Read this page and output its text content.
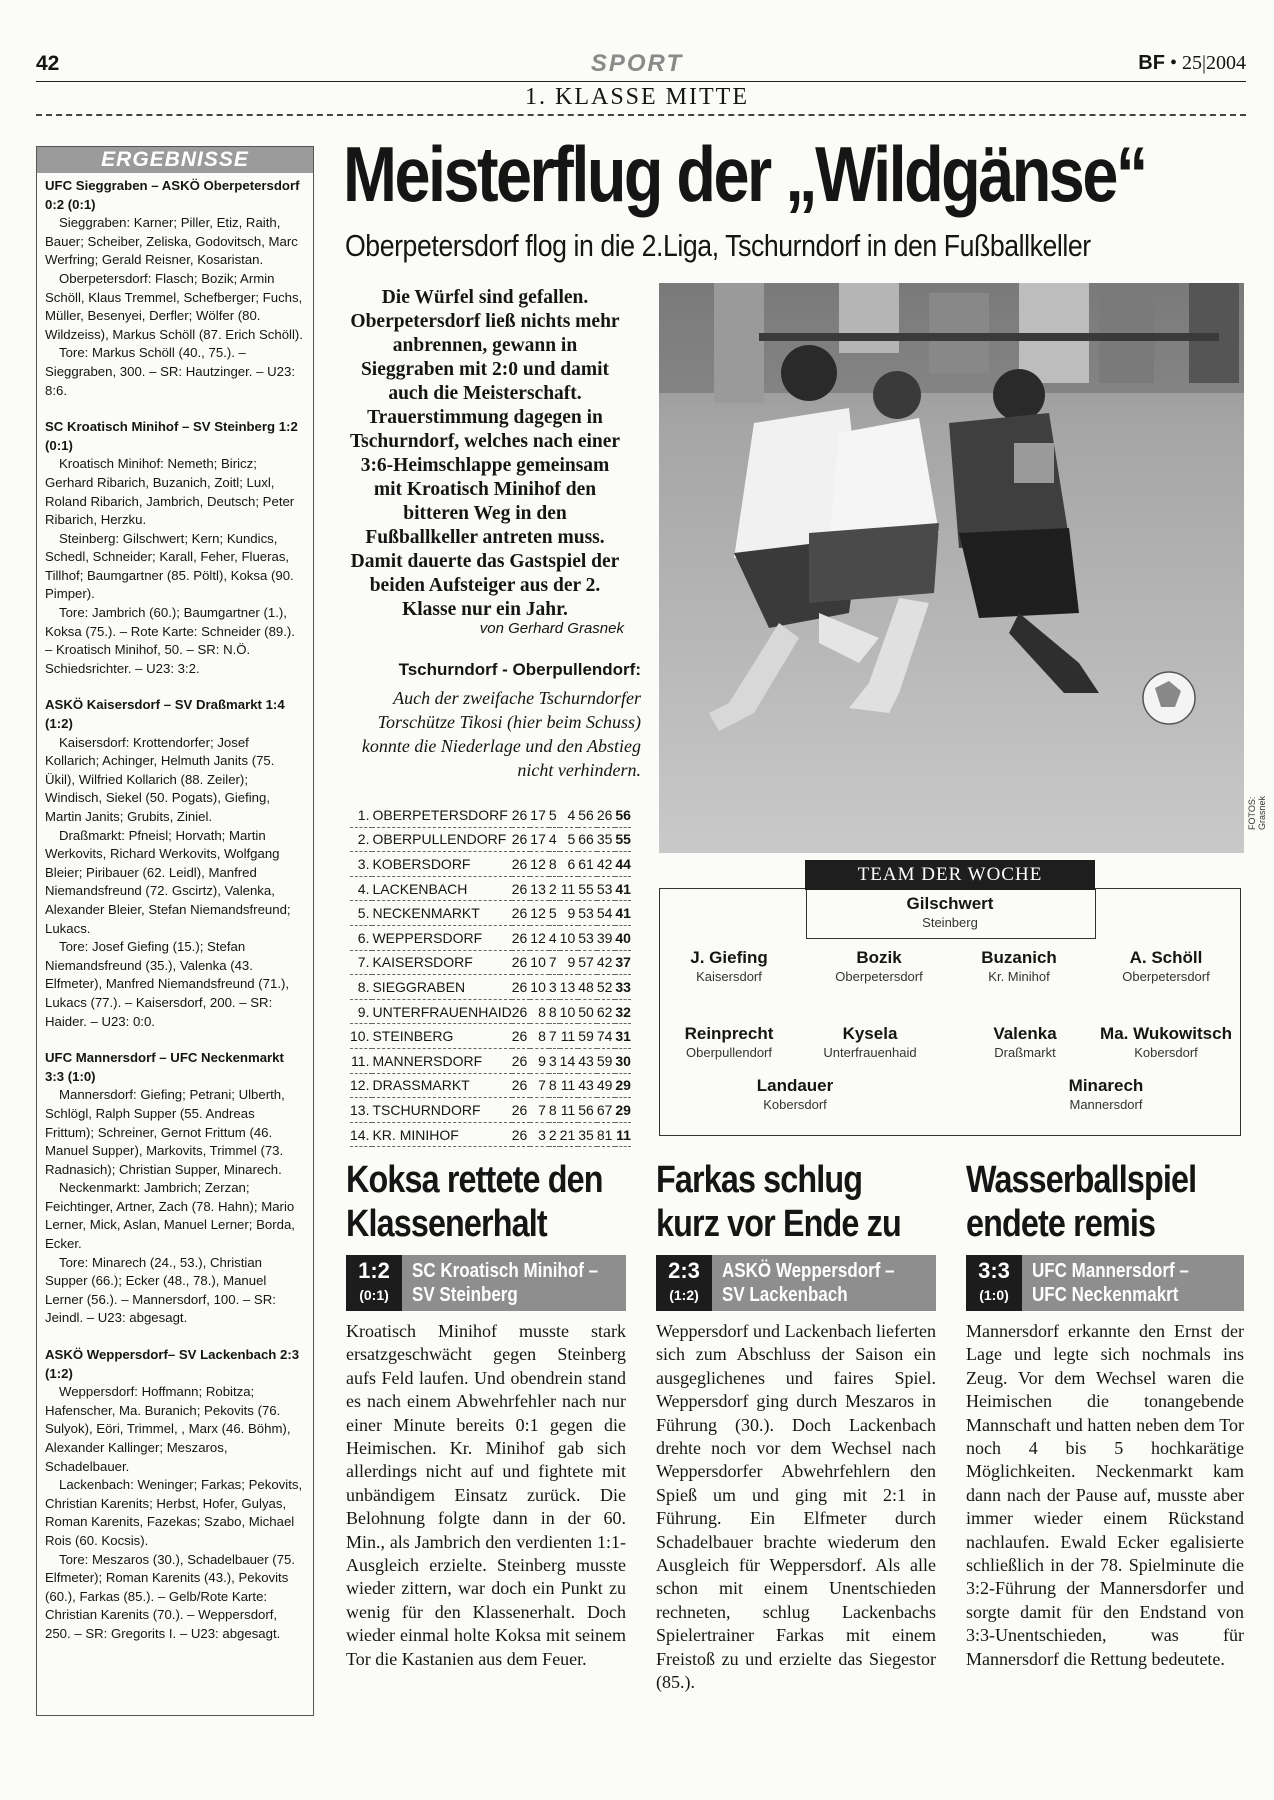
42	SPORT	BF • 25|2004
1. KLASSE MITTE
ERGEBNISSE
UFC Sieggraben – ASKÖ Oberpetersdorf 0:2 (0:1)

Sieggraben: Karner; Piller, Etiz, Raith, Bauer; Scheiber, Zeliska, Godovitsch, Marc Werfring; Gerald Reisner, Kosaristan.

Oberpetersdorf: Flasch; Bozik; Armin Schöll, Klaus Tremmel, Schefberger; Fuchs, Müller, Besenyei, Derfler; Wölfer (80. Wildzeiss), Markus Schöll (87. Erich Schöll).

Tore: Markus Schöll (40., 75.). – Sieggraben, 300. – SR: Hautzinger. – U23: 8:6.

SC Kroatisch Minihof – SV Steinberg 1:2 (0:1)

Kroatisch Minihof: Nemeth; Biricz; Gerhard Ribarich, Buzanich, Zoitl; Luxl, Roland Ribarich, Jambrich, Deutsch; Peter Ribarich, Herzku.

Steinberg: Gilschwert; Kern; Kundics, Schedl, Schneider; Karall, Feher, Flueras, Tillhof; Baumgartner (85. Pöltl), Koksa (90. Pimper).

Tore: Jambrich (60.); Baumgartner (1.), Koksa (75.). – Rote Karte: Schneider (89.). – Kroatisch Minihof, 50. – SR: N.Ö. Schiedsrichter. – U23: 3:2.

ASKÖ Kaisersdorf – SV Draßmarkt 1:4 (1:2)

Kaisersdorf: Krottendorfer; Josef Kollarich; Achinger, Helmuth Janits (75. Ükil), Wilfried Kollarich (88. Zeiler); Windisch, Siekel (50. Pogats), Giefing, Martin Janits; Grubits, Ziniel.

Draßmarkt: Pfneisl; Horvath; Martin Werkovits, Richard Werkovits, Wolfgang Bleier; Piribauer (62. Leidl), Manfred Niemandsfreund (72. Gscirtz), Valenka, Alexander Bleier, Stefan Niemandsfreund; Lukacs.

Tore: Josef Giefing (15.); Stefan Niemandsfreund (35.), Valenka (43. Elfmeter), Manfred Niemandsfreund (71.), Lukacs (77.). – Kaisersdorf, 200. – SR: Haider. – U23: 0:0.

UFC Mannersdorf – UFC Neckenmarkt 3:3 (1:0)

Mannersdorf: Giefing; Petrani; Ulberth, Schlögl, Ralph Supper (55. Andreas Frittum); Schreiner, Gernot Frittum (46. Manuel Supper), Markovits, Trimmel (73. Radnasich); Christian Supper, Minarech.

Neckenmarkt: Jambrich; Zerzan; Feichtinger, Artner, Zach (78. Hahn); Mario Lerner, Mick, Aslan, Manuel Lerner; Borda, Ecker.

Tore: Minarech (24., 53.), Christian Supper (66.); Ecker (48., 78.), Manuel Lerner (56.). – Mannersdorf, 100. – SR: Jeindl. – U23: abgesagt.

ASKÖ Weppersdorf– SV Lackenbach 2:3 (1:2)

Weppersdorf: Hoffmann; Robitza; Hafenscher, Ma. Buranich; Pekovits (76. Sulyok), Eöri, Trimmel, , Marx (46. Böhm), Alexander Kallinger; Meszaros, Schadelbauer.

Lackenbach: Weninger; Farkas; Pekovits, Christian Karenits; Herbst, Hofer, Gulyas, Roman Karenits, Fazekas; Szabo, Michael Rois (60. Kocsis).

Tore: Meszaros (30.), Schadelbauer (75. Elfmeter); Roman Karenits (43.), Pekovits (60.), Farkas (85.). – Gelb/Rote Karte: Christian Karenits (70.). – Weppersdorf, 250. – SR: Gregorits I. – U23: abgesagt.

Meisterflug der „Wildgänse“
Oberpetersdorf flog in die 2.Liga, Tschurndorf in den Fußballkeller
Die Würfel sind gefallen. Oberpetersdorf ließ nichts mehr anbrennen, gewann in Sieggraben mit 2:0 und damit auch die Meisterschaft. Trauerstimmung dagegen in Tschurndorf, welches nach einer 3:6-Heimschlappe gemeinsam mit Kroatisch Minihof den bitteren Weg in den Fußballkeller antreten muss. Damit dauerte das Gastspiel der beiden Aufsteiger aus der 2. Klasse nur ein Jahr.
von Gerhard Grasnek
Tschurndorf - Oberpullendorf:
Auch der zweifache Tschurndorfer Torschütze Tikosi (hier beim Schuss) konnte die Niederlage und den Abstieg nicht verhindern.
FOTOS: Grasnek
1.	OBERPETERSDORF	26	17	5	4	56	26	56
2.	OBERPULLENDORF	26	17	4	5	66	35	55
3.	KOBERSDORF	26	12	8	6	61	42	44
4.	LACKENBACH	26	13	2	11	55	53	41
5.	NECKENMARKT	26	12	5	9	53	54	41
6.	WEPPERSDORF	26	12	4	10	53	39	40
7.	KAISERSDORF	26	10	7	9	57	42	37
8.	SIEGGRABEN	26	10	3	13	48	52	33
9.	UNTERFRAUENHAID	26	8	8	10	50	62	32
10.	STEINBERG	26	8	7	11	59	74	31
11.	MANNERSDORF	26	9	3	14	43	59	30
12.	DRASSMARKT	26	7	8	11	43	49	29
13.	TSCHURNDORF	26	7	8	11	56	67	29
14.	KR. MINIHOF	26	3	2	21	35	81	11
TEAM DER WOCHE
Gilschwert
Steinberg
J. Giefing
Kaisersdorf
Bozik
Oberpetersdorf
Buzanich
Kr. Minihof
A. Schöll
Oberpetersdorf
Reinprecht
Oberpullendorf
Kysela
Unterfrauenhaid
Valenka
Draßmarkt
Ma. Wukowitsch
Kobersdorf
Landauer
Kobersdorf
Minarech
Mannersdorf
Koksa rettete den
Klassenerhalt
1:2
(0:1)
SC Kroatisch Minihof –
SV Steinberg
Kroatisch Minihof musste stark ersatzgeschwächt gegen Steinberg aufs Feld laufen. Und obendrein stand es nach einem Abwehrfehler nach nur einer Minute bereits 0:1 gegen die Heimischen. Kr. Minihof gab sich allerdings nicht auf und fightete mit unbändigem Einsatz zurück. Die Belohnung folgte dann in der 60. Min., als Jambrich den verdienten 1:1-Ausgleich erzielte. Steinberg musste wieder zittern, war doch ein Punkt zu wenig für den Klassenerhalt. Doch wieder einmal holte Koksa mit seinem Tor die Kastanien aus dem Feuer.
Farkas schlug
kurz vor Ende zu
2:3
(1:2)
ASKÖ Weppersdorf –
SV Lackenbach
Weppersdorf und Lackenbach lieferten sich zum Abschluss der Saison ein ausgeglichenes und faires Spiel. Weppersdorf ging durch Meszaros in Führung (30.). Doch Lackenbach drehte noch vor dem Wechsel nach Weppersdorfer Abwehrfehlern den Spieß um und ging mit 2:1 in Führung. Ein Elfmeter durch Schadelbauer brachte wiederum den Ausgleich für Weppersdorf. Als alle schon mit einem Unentschieden rechneten, schlug Lackenbachs Spielertrainer Farkas mit einem Freistoß zu und erzielte das Siegestor (85.).
Wasserballspiel
endete remis
3:3
(1:0)
UFC Mannersdorf –
UFC Neckenmakrt
Mannersdorf erkannte den Ernst der Lage und legte sich nochmals ins Zeug. Vor dem Wechsel waren die Heimischen die tonangebende Mannschaft und hatten neben dem Tor noch 4 bis 5 hochkarätige Möglichkeiten. Neckenmarkt kam dann nach der Pause auf, musste aber immer wieder einem Rückstand nachlaufen. Ewald Ecker egalisierte schließlich in der 78. Spielminute die 3:2-Führung der Mannersdorfer und sorgte damit für den Endstand von 3:3-Unentschieden, was für Mannersdorf die Rettung bedeutete.
